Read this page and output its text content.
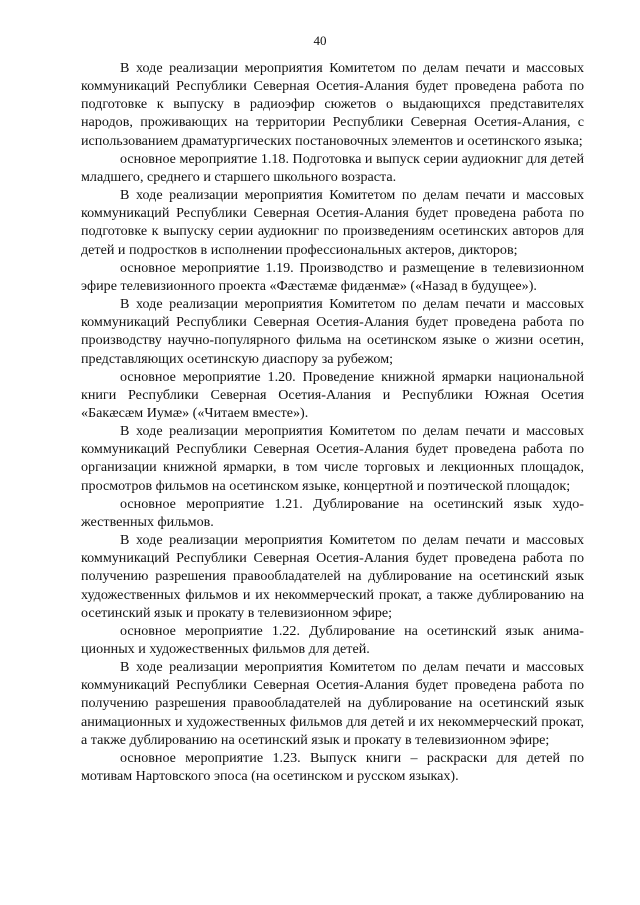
40

В ходе реализации мероприятия Комитетом по делам печати и массовых коммуникаций Республики Северная Осетия-Алания будет проведена работа по подготовке к выпуску в радиоэфир сюжетов о выдающихся представителях народов, проживающих на территории Республики Северная Осетия-Алания, с использованием драматургических постановочных элементов и осетинского языка;

основное мероприятие 1.18. Подготовка и выпуск серии аудиокниг для детей младшего, среднего и старшего школьного возраста.

В ходе реализации мероприятия Комитетом по делам печати и массовых коммуникаций Республики Северная Осетия-Алания будет проведена работа по подготовке к выпуску серии аудиокниг по произведениям осетинских авторов для детей и подростков в исполнении профессиональных актеров, дикторов;

основное мероприятие 1.19. Производство и размещение в телевизионном эфире телевизионного проекта «Фæстæмæ фидæнмæ» («Назад в будущее»).

В ходе реализации мероприятия Комитетом по делам печати и массовых коммуникаций Республики Северная Осетия-Алания будет проведена работа по производству научно-популярного фильма на осетинском языке о жизни осетин, представляющих осетинскую диаспору за рубежом;

основное мероприятие 1.20. Проведение книжной ярмарки национальной книги Республики Северная Осетия-Алания и Республики Южная Осетия «Бакæсæм Иумæ» («Читаем вместе»).

В ходе реализации мероприятия Комитетом по делам печати и массовых коммуникаций Республики Северная Осетия-Алания будет проведена работа по организации книжной ярмарки, в том числе торговых и лекционных площадок, просмотров фильмов на осетинском языке, концертной и поэтической площадок;

основное мероприятие 1.21. Дублирование на осетинский язык художественных фильмов.

В ходе реализации мероприятия Комитетом по делам печати и массовых коммуникаций Республики Северная Осетия-Алания будет проведена работа по получению разрешения правообладателей на дублирование на осетинский язык художественных фильмов и их некоммерческий прокат, а также дублированию на осетинский язык и прокату в телевизионном эфире;

основное мероприятие 1.22. Дублирование на осетинский язык анимационных и художественных фильмов для детей.

В ходе реализации мероприятия Комитетом по делам печати и массовых коммуникаций Республики Северная Осетия-Алания будет проведена работа по получению разрешения правообладателей на дублирование на осетинский язык анимационных и художественных фильмов для детей и их некоммерческий прокат, а также дублированию на осетинский язык и прокату в телевизионном эфире;

основное мероприятие 1.23. Выпуск книги – раскраски для детей по мотивам Нартовского эпоса (на осетинском и русском языках).
